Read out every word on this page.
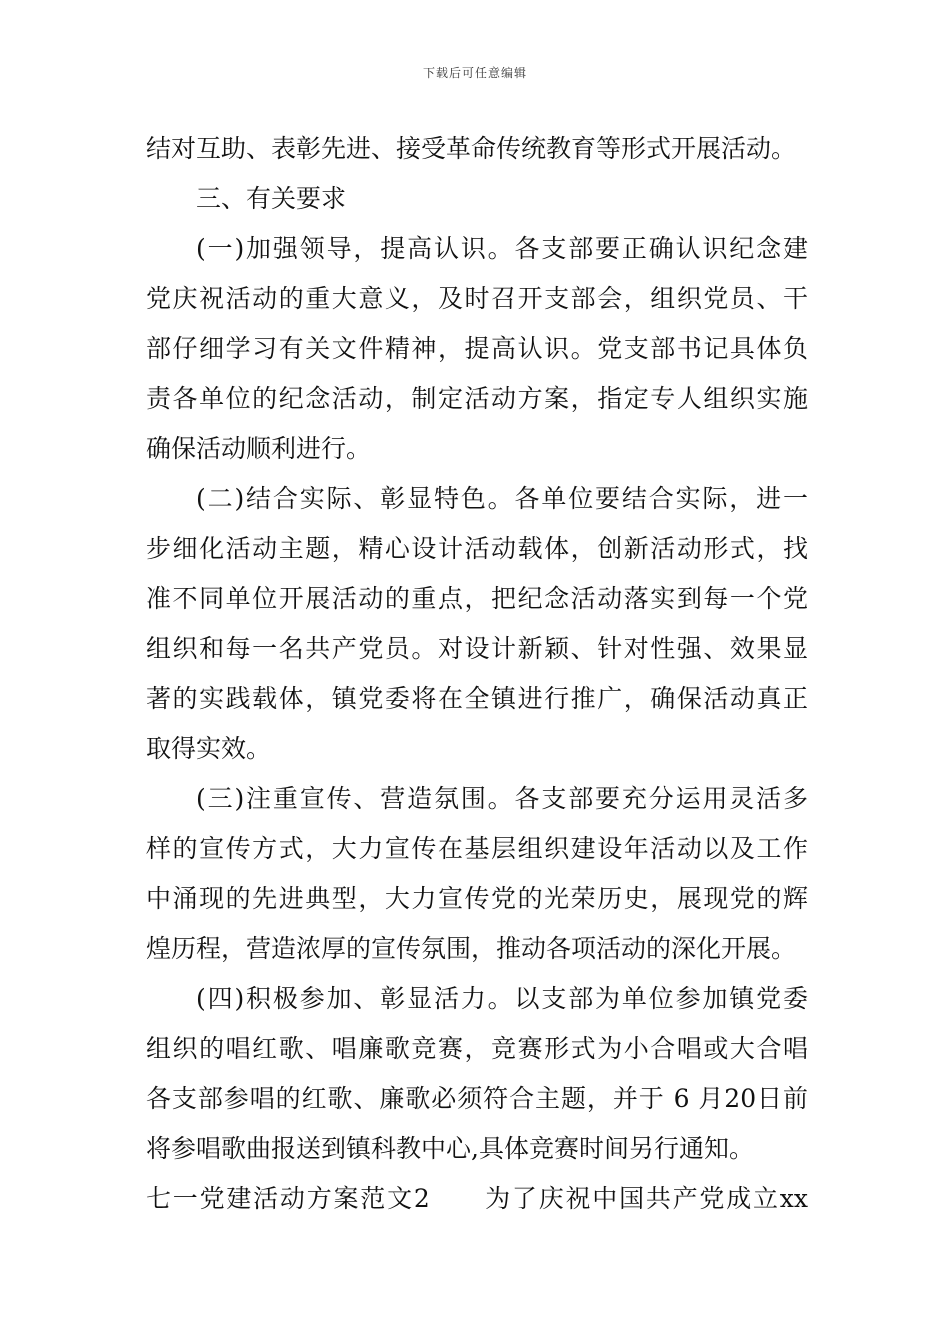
下载后可任意编辑
结对互助、表彰先进、接受革命传统教育等形式开展活动。
三、有关要求
(一)加强领导，提高认识。各支部要正确认识纪念建
党庆祝活动的重大意义，及时召开支部会，组织党员、干
部仔细学习有关文件精神，提高认识。党支部书记具体负
责各单位的纪念活动，制定活动方案，指定专人组织实施
确保活动顺利进行。
(二)结合实际、彰显特色。各单位要结合实际，进一
步细化活动主题，精心设计活动载体，创新活动形式，找
准不同单位开展活动的重点，把纪念活动落实到每一个党
组织和每一名共产党员。对设计新颖、针对性强、效果显
著的实践载体，镇党委将在全镇进行推广，确保活动真正
取得实效。
(三)注重宣传、营造氛围。各支部要充分运用灵活多
样的宣传方式，大力宣传在基层组织建设年活动以及工作
中涌现的先进典型，大力宣传党的光荣历史，展现党的辉
煌历程，营造浓厚的宣传氛围，推动各项活动的深化开展。
(四)积极参加、彰显活力。以支部为单位参加镇党委
组织的唱红歌、唱廉歌竞赛，竞赛形式为小合唱或大合唱
各支部参唱的红歌、廉歌必须符合主题，并于 6 月20日前
将参唱歌曲报送到镇科教中心,具体竞赛时间另行通知。
七一党建活动方案范文2　　为了庆祝中国共产党成立xx
